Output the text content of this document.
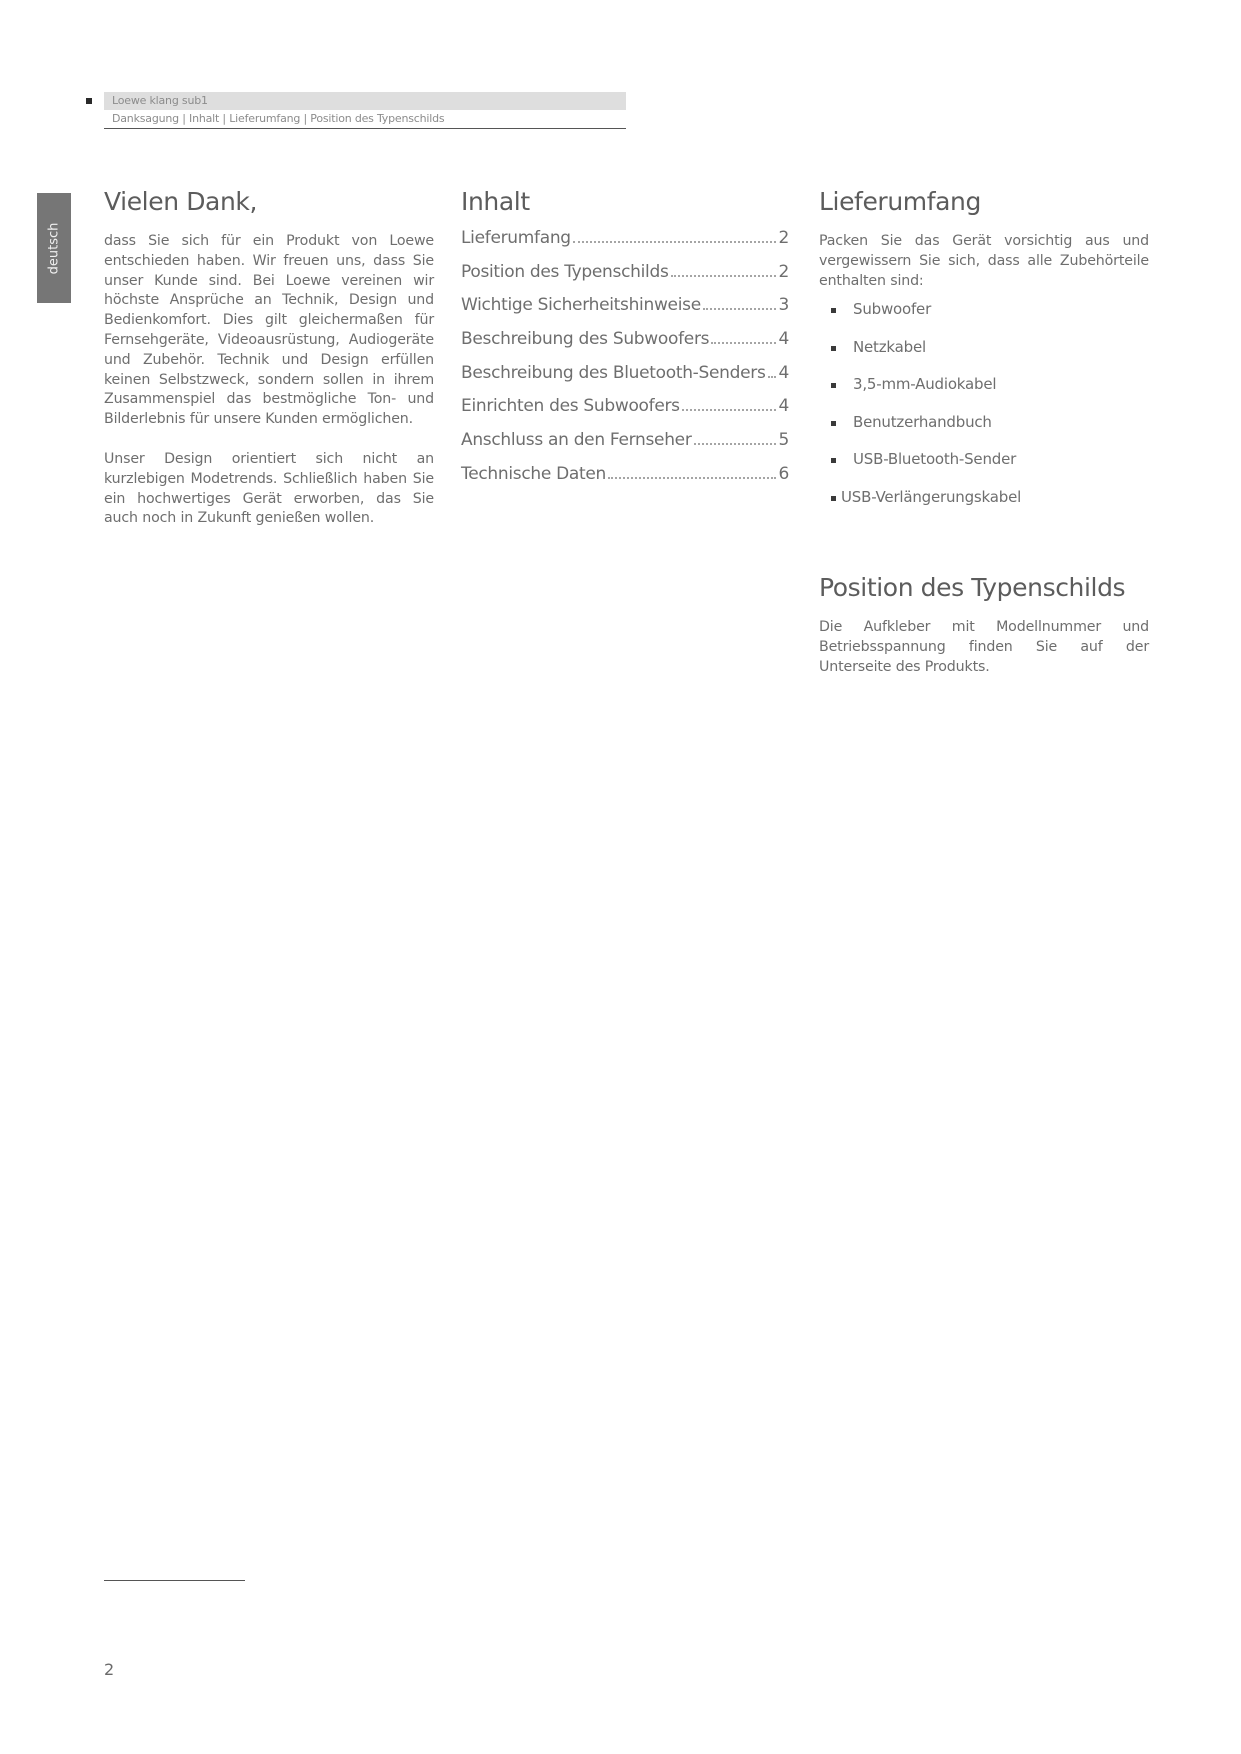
Loewe klang sub1
Danksagung | Inhalt | Lieferumfang | Position des Typenschilds
deutsch
Vielen Dank,

dass Sie sich für ein Produkt von Loewe entschieden haben. Wir freuen uns, dass Sie unser Kunde sind. Bei Loewe vereinen wir höchste Ansprüche an Technik, Design und Bedienkomfort. Dies gilt gleichermaßen für Fernsehgeräte, Videoausrüstung, Audiogeräte und Zubehör. Technik und Design erfüllen keinen Selbstzweck, sondern sollen in ihrem Zusammenspiel das bestmögliche Ton- und Bilderlebnis für unsere Kunden ermöglichen.

Unser Design orientiert sich nicht an kurzlebigen Modetrends. Schließlich haben Sie ein hochwertiges Gerät erworben, das Sie auch noch in Zukunft genießen wollen.

Inhalt
Lieferumfang	2
Position des Typenschilds	2
Wichtige Sicherheitshinweise	3
Beschreibung des Subwoofers	4
Beschreibung des Bluetooth-Senders 4
Einrichten des Subwoofers	4
Anschluss an den Fernseher	5
Technische Daten	6
Lieferumfang

Packen Sie das Gerät vorsichtig aus und vergewissern Sie sich, dass alle Zubehörteile enthalten sind:

Subwoofer
Netzkabel
3,5-mm-Audiokabel
Benutzerhandbuch
USB-Bluetooth-Sender
USB-Verlängerungskabel
Position des Typenschilds

Die Aufkleber mit Modellnummer und Betriebsspannung finden Sie auf der Unterseite des Produkts.

2
